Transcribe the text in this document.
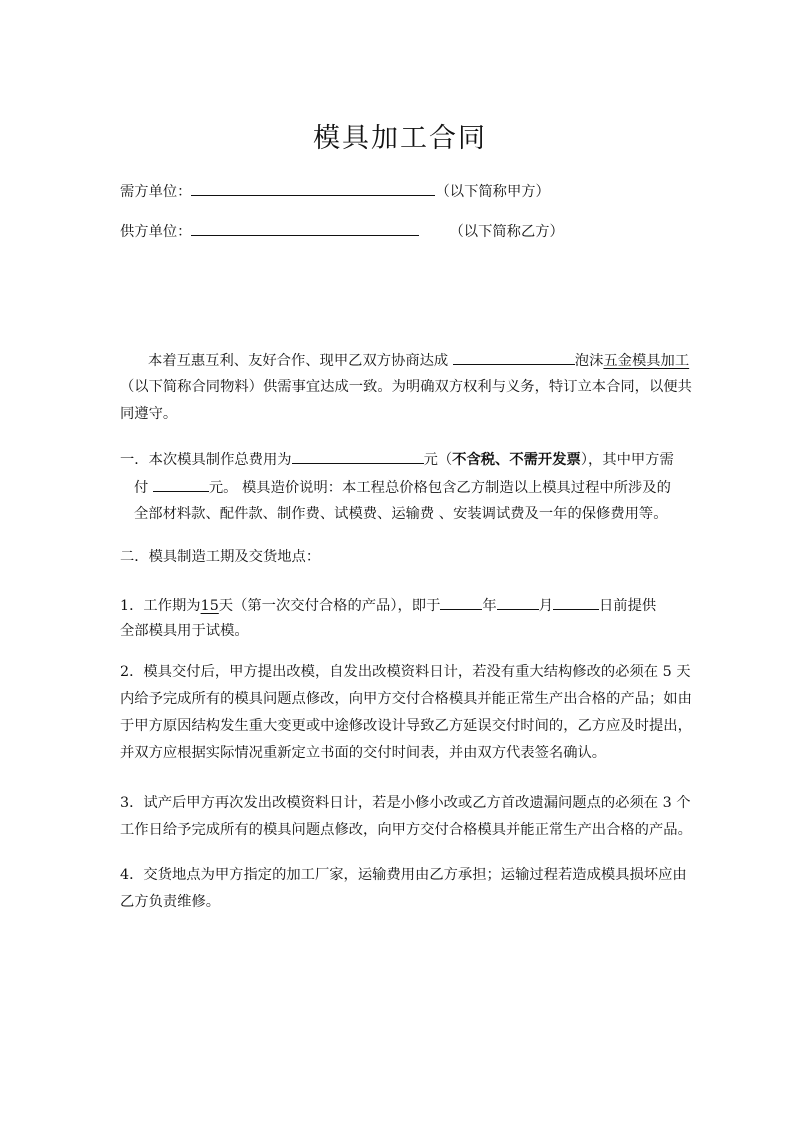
模具加工合同
需方单位：	（以下简称甲方）
供方单位：	（以下简称乙方）
本着互惠互利、友好合作、现甲乙双方协商达成	泡沫五金模具加工
（以下简称合同物料）供需事宜达成一致。为明确双方权利与义务，特订立本合同，以便共
同遵守。
一．本次模具制作总费用为	元（不含税、不需开发票），其中甲方需
付	元。 模具造价说明：本工程总价格包含乙方制造以上模具过程中所涉及的
全部材料款、配件款、制作费、试模费、运输费 、安装调试费及一年的保修费用等。
二．模具制造工期及交货地点：
1．工作期为15天（第一次交付合格的产品），即于	年	月	日前提供
全部模具用于试模。
2．模具交付后，甲方提出改模，自发出改模资料日计，若没有重大结构修改的必须在 5 天
内给予完成所有的模具问题点修改，向甲方交付合格模具并能正常生产出合格的产品；如由
于甲方原因结构发生重大变更或中途修改设计导致乙方延误交付时间的，乙方应及时提出，
并双方应根据实际情况重新定立书面的交付时间表，并由双方代表签名确认。
3．试产后甲方再次发出改模资料日计，若是小修小改或乙方首改遗漏问题点的必须在 3 个
工作日给予完成所有的模具问题点修改，向甲方交付合格模具并能正常生产出合格的产品。
4．交货地点为甲方指定的加工厂家，运输费用由乙方承担；运输过程若造成模具损坏应由
乙方负责维修。
